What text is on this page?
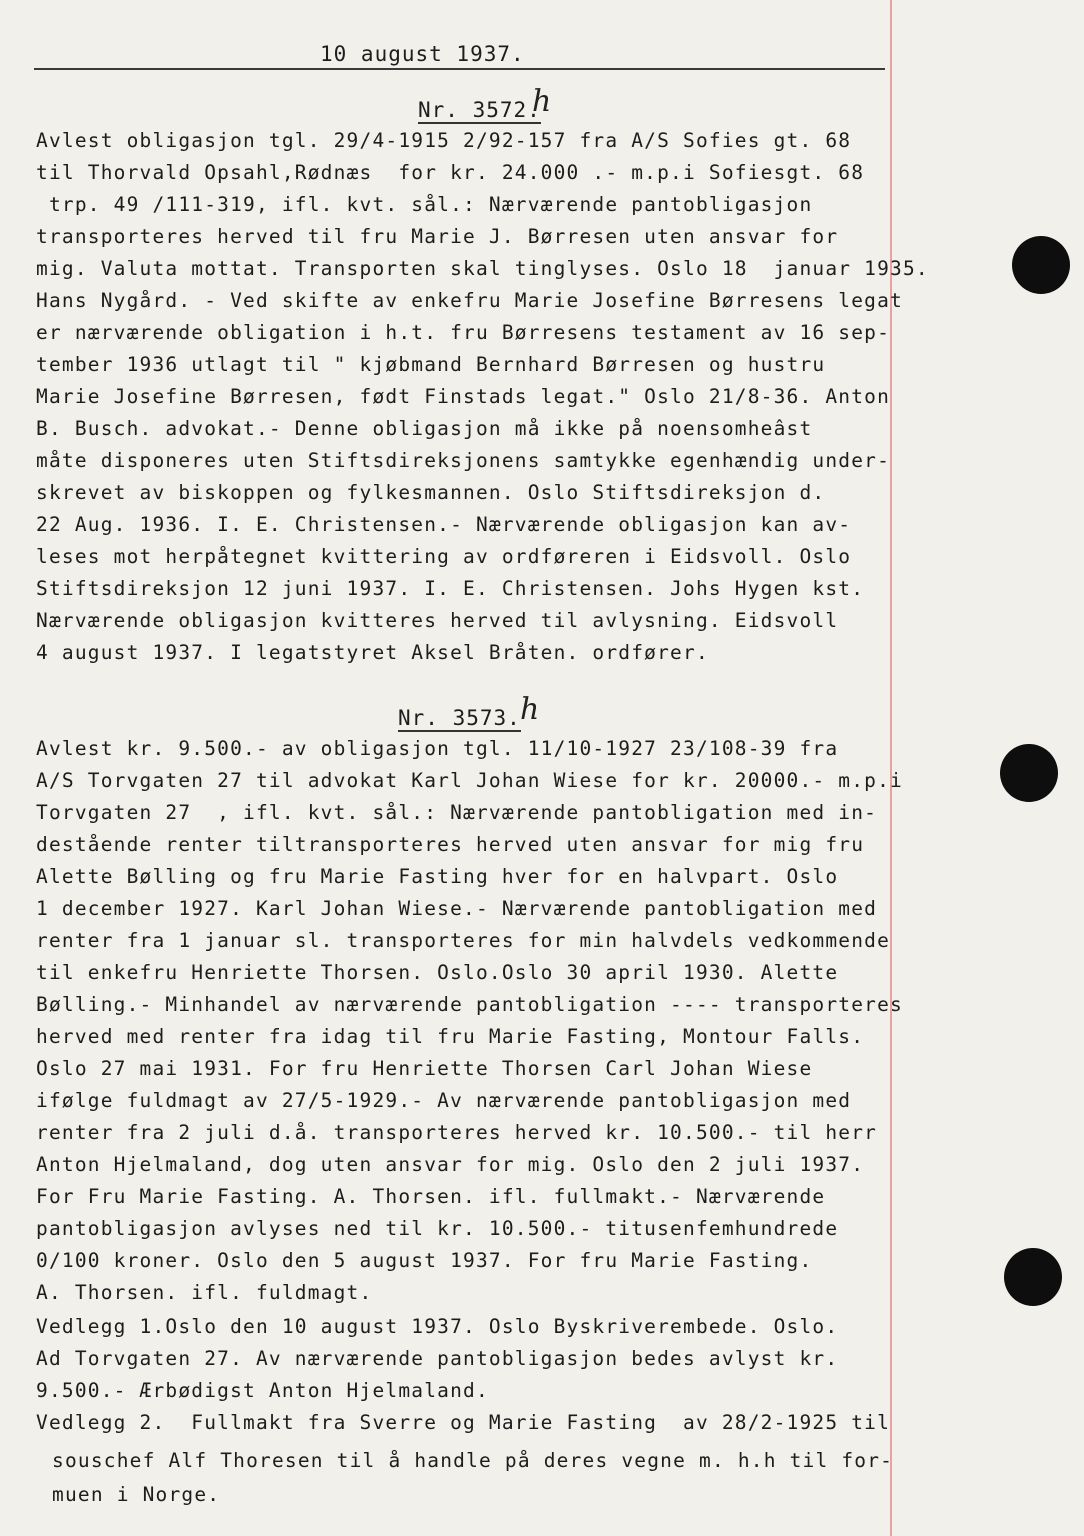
10 august 1937.
Nr. 3572.
ℎ
Avlest obligasjon tgl. 29/4-1915 2/92-157 fra A/S Sofies gt. 68
til Thorvald Opsahl,Rødnæs  for kr. 24.000 .- m.p.i Sofiesgt. 68
trp. 49 /111-319, ifl. kvt. sål.: Nærværende pantobligasjon
transporteres herved til fru Marie J. Børresen uten ansvar for
mig. Valuta mottat. Transporten skal tinglyses. Oslo 18  januar 1935.
Hans Nygård. - Ved skifte av enkefru Marie Josefine Børresens legat
er nærværende obligation i h.t. fru Børresens testament av 16 sep-
tember 1936 utlagt til " kjøbmand Bernhard Børresen og hustru
Marie Josefine Børresen, født Finstads legat." Oslo 21/8-36. Anton
B. Busch. advokat.- Denne obligasjon må ikke på noensomheâst
måte disponeres uten Stiftsdireksjonens samtykke egenhændig under-
skrevet av biskoppen og fylkesmannen. Oslo Stiftsdireksjon d.
22 Aug. 1936. I. E. Christensen.- Nærværende obligasjon kan av-
leses mot herpåtegnet kvittering av ordføreren i Eidsvoll. Oslo
Stiftsdireksjon 12 juni 1937. I. E. Christensen. Johs Hygen kst.
Nærværende obligasjon kvitteres herved til avlysning. Eidsvoll
4 august 1937. I legatstyret Aksel Bråten. ordfører.
Nr. 3573. ℎ
Avlest kr. 9.500.- av obligasjon tgl. 11/10-1927 23/108-39 fra
A/S Torvgaten 27 til advokat Karl Johan Wiese for kr. 20000.- m.p.i
Torvgaten 27  , ifl. kvt. sål.: Nærværende pantobligation med in-
destående renter tiltransporteres herved uten ansvar for mig fru
Alette Bølling og fru Marie Fasting hver for en halvpart. Oslo
1 december 1927. Karl Johan Wiese.- Nærværende pantobligation med
renter fra 1 januar sl. transporteres for min halvdels vedkommende
til enkefru Henriette Thorsen. Oslo.Oslo 30 april 1930. Alette
Bølling.- Minhandel av nærværende pantobligation ---- transporteres
herved med renter fra idag til fru Marie Fasting, Montour Falls.
Oslo 27 mai 1931. For fru Henriette Thorsen Carl Johan Wiese
ifølge fuldmagt av 27/5-1929.- Av nærværende pantobligasjon med
renter fra 2 juli d.å. transporteres herved kr. 10.500.- til herr
Anton Hjelmaland, dog uten ansvar for mig. Oslo den 2 juli 1937.
For Fru Marie Fasting. A. Thorsen. ifl. fullmakt.- Nærværende
pantobligasjon avlyses ned til kr. 10.500.- titusenfemhundrede
0/100 kroner. Oslo den 5 august 1937. For fru Marie Fasting.
A. Thorsen. ifl. fuldmagt.
Vedlegg 1.Oslo den 10 august 1937. Oslo Byskriverembede. Oslo.
Ad Torvgaten 27. Av nærværende pantobligasjon bedes avlyst kr.
9.500.- Ærbødigst Anton Hjelmaland.
Vedlegg 2.  Fullmakt fra Sverre og Marie Fasting  av 28/2-1925 til
souschef Alf Thoresen til å handle på deres vegne m. h.h til for-
muen i Norge.
